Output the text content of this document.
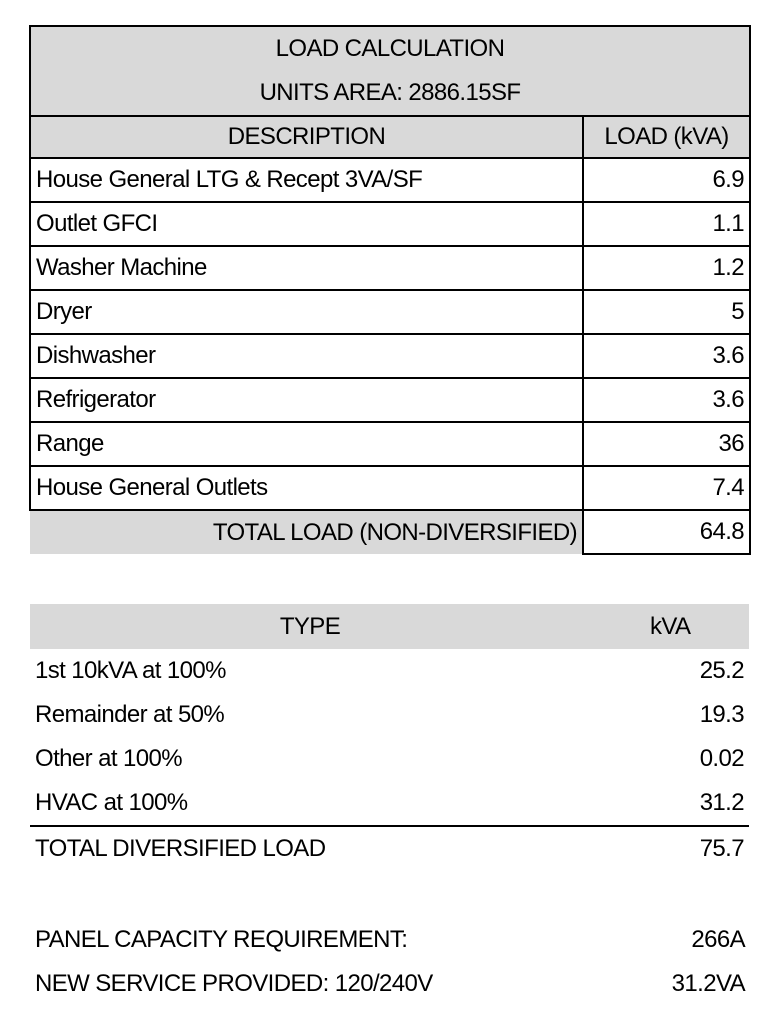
LOAD CALCULATION
UNITS AREA: 2886.15SF	

DESCRIPTION	LOAD (kVA)
House General LTG & Recept 3VA/SF	6.9
Outlet GFCI	1.1
Washer Machine	1.2
Dryer	5
Dishwasher	3.6
Refrigerator	3.6
Range	36
House General Outlets	7.4
TOTAL LOAD (NON-DIVERSIFIED)	64.8
TYPE	kVA
1st 10kVA at 100%	25.2
Remainder at 50%	19.3
Other at 100%	0.02
HVAC at 100%	31.2
TOTAL DIVERSIFIED LOAD	75.7
PANEL CAPACITY REQUIREMENT:	266A
NEW SERVICE PROVIDED: 120/240V	31.2VA
